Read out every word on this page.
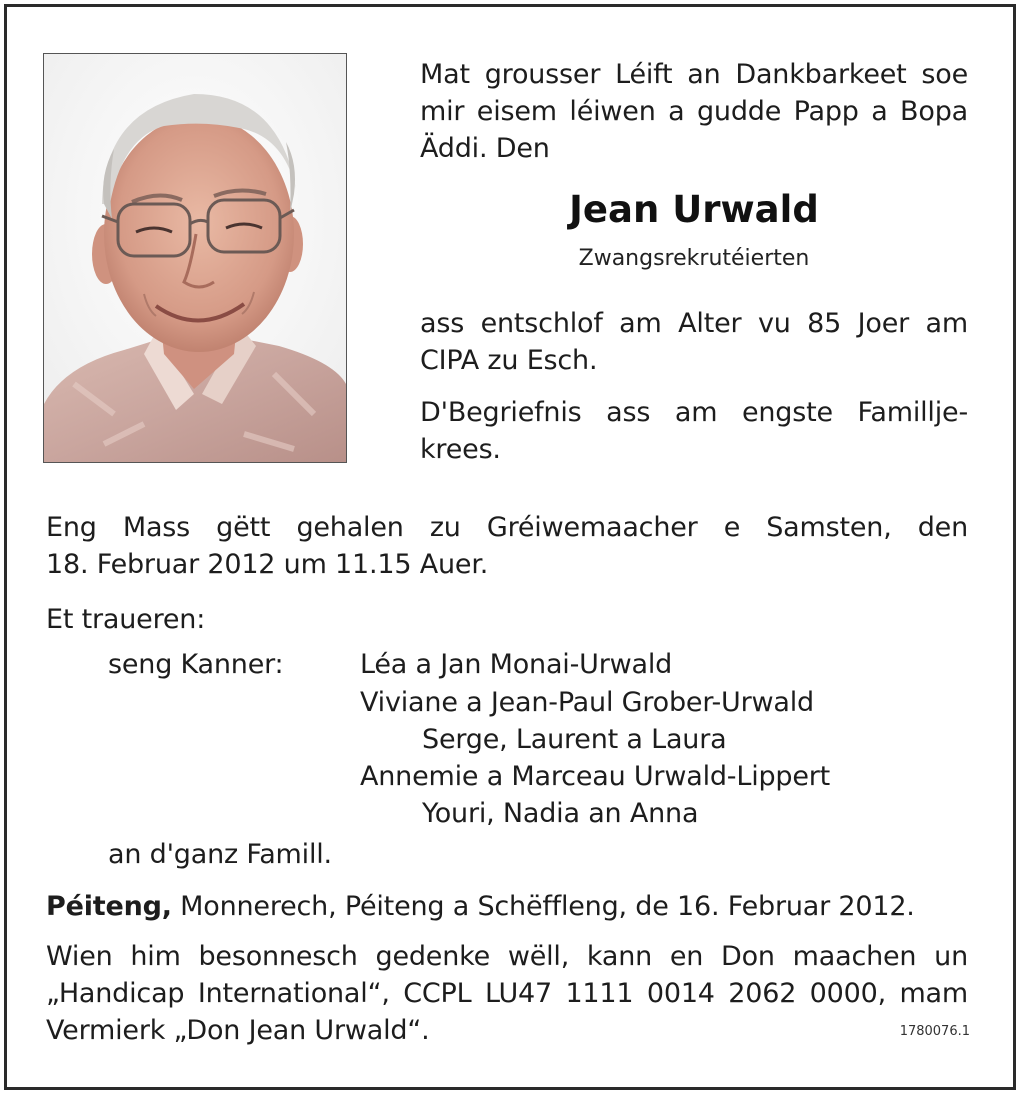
Mat grousser Léift an Dankbarkeet soe
mir eisem léiwen a gudde Papp a Bopa
Äddi. Den
Jean Urwald
Zwangsrekrutéierten
ass entschlof am Alter vu 85 Joer am
CIPA zu Esch.
D'Begriefnis ass am engste Famillje-
krees.
Eng Mass gëtt gehalen zu Gréiwemaacher e Samsten, den
18. Februar 2012 um 11.15 Auer.
Et traueren:
seng Kanner:	Léa a Jan Monai-Urwald
Viviane a Jean-Paul Grober-Urwald
Serge, Laurent a Laura
Annemie a Marceau Urwald-Lippert
Youri, Nadia an Anna
an d'ganz Famill.
Péiteng, Monnerech, Péiteng a Schëffleng, de 16. Februar 2012.
Wien him besonnesch gedenke wëll, kann en Don maachen un
„Handicap International“, CCPL LU47 1111 0014 2062 0000, mam
Vermierk „Don Jean Urwald“.	1780076.1
